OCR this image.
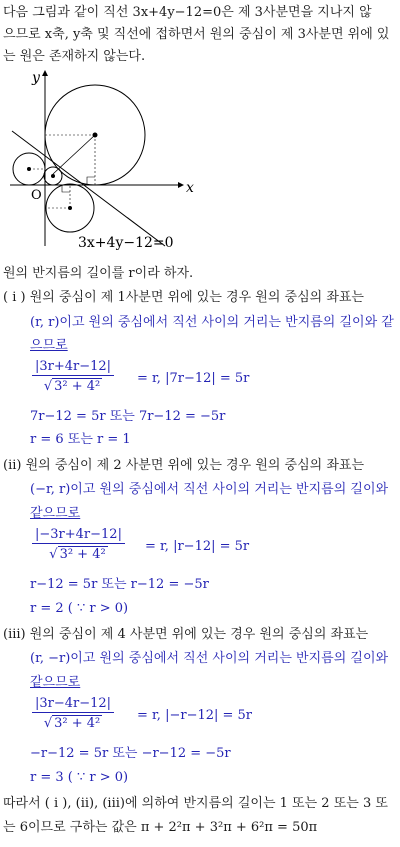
다음 그림과 같이 직선 3x+4y−12=0은 제 3사분면을 지나지 않
으므로 x축, y축 및 직선에 접하면서 원의 중심이 제 3사분면 위에 있
는 원은 존재하지 않는다.
x
y
O
3x+4y−12=0
원의 반지름의 길이를 r이라 하자.
( i ) 원의 중심이 제 1사분면 위에 있는 경우 원의 중심의 좌표는
(r, r)이고 원의 중심에서 직선 사이의 거리는 반지름의 길이와 같
으므로
$\frac{|3r+4r-12|}{\text{√ 3² + 4²}} = r$, |7r−12| = 5r
7r−12 = 5r 또는 7r−12 = −5r
r = 6 또는 r = 1
(ii) 원의 중심이 제 2 사분면 위에 있는 경우 원의 중심의 좌표는
(−r, r)이고 원의 중심에서 직선 사이의 거리는 반지름의 길이와
같으므로
$\frac{|-3r+4r-12|}{\text{√ 3² + 4²}} = r$, |r−12| = 5r
r−12 = 5r 또는 r−12 = −5r
r = 2 ( ∵ r > 0)
(iii) 원의 중심이 제 4 사분면 위에 있는 경우 원의 중심의 좌표는
(r, −r)이고 원의 중심에서 직선 사이의 거리는 반지름의 길이와
같으므로
$\frac{|3r-4r-12|}{\text{√ 3² + 4²}} = r$, |−r−12| = 5r
−r−12 = 5r 또는 −r−12 = −5r
r = 3 ( ∵ r > 0)
따라서 ( i ), (ii), (iii)에 의하여 반지름의 길이는 1 또는 2 또는 3 또
는 6이므로 구하는 값은 π + 2²π + 3²π + 6²π = 50π
